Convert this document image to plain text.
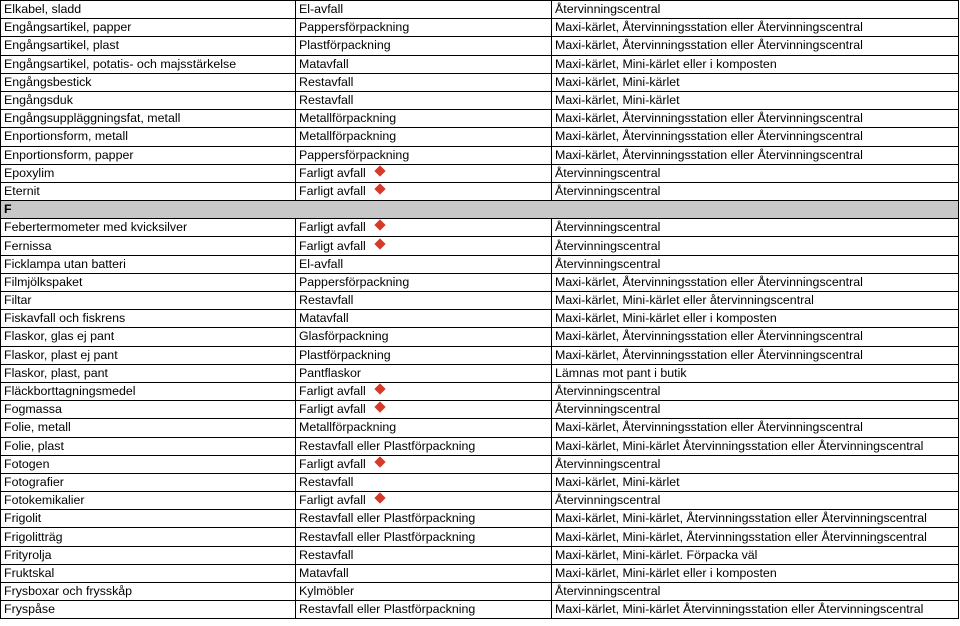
Elkabel, sladd	El-avfall	Återvinningscentral
Engångsartikel, papper	Pappersförpackning	Maxi-kärlet, Återvinningsstation eller Återvinningscentral
Engångsartikel, plast	Plastförpackning	Maxi-kärlet, Återvinningsstation eller Återvinningscentral
Engångsartikel, potatis- och majsstärkelse	Matavfall	Maxi-kärlet, Mini-kärlet eller i komposten
Engångsbestick	Restavfall	Maxi-kärlet, Mini-kärlet
Engångsduk	Restavfall	Maxi-kärlet, Mini-kärlet
Engångsuppläggningsfat, metall	Metallförpackning	Maxi-kärlet, Återvinningsstation eller Återvinningscentral
Enportionsform, metall	Metallförpackning	Maxi-kärlet, Återvinningsstation eller Återvinningscentral
Enportionsform, papper	Pappersförpackning	Maxi-kärlet, Återvinningsstation eller Återvinningscentral
Epoxylim	Farligt avfall	Återvinningscentral
Eternit	Farligt avfall	Återvinningscentral
F		
Febertermometer med kvicksilver	Farligt avfall	Återvinningscentral
Fernissa	Farligt avfall	Återvinningscentral
Ficklampa utan batteri	El-avfall	Återvinningscentral
Filmjölkspaket	Pappersförpackning	Maxi-kärlet, Återvinningsstation eller Återvinningscentral
Filtar	Restavfall	Maxi-kärlet, Mini-kärlet eller återvinningscentral
Fiskavfall och fiskrens	Matavfall	Maxi-kärlet, Mini-kärlet eller i komposten
Flaskor, glas ej pant	Glasförpackning	Maxi-kärlet, Återvinningsstation eller Återvinningscentral
Flaskor, plast ej pant	Plastförpackning	Maxi-kärlet, Återvinningsstation eller Återvinningscentral
Flaskor, plast, pant	Pantflaskor	Lämnas mot pant i butik
Fläckborttagningsmedel	Farligt avfall	Återvinningscentral
Fogmassa	Farligt avfall	Återvinningscentral
Folie, metall	Metallförpackning	Maxi-kärlet, Återvinningsstation eller Återvinningscentral
Folie, plast	Restavfall eller Plastförpackning	Maxi-kärlet, Mini-kärlet Återvinningsstation eller Återvinningscentral
Fotogen	Farligt avfall	Återvinningscentral
Fotografier	Restavfall	Maxi-kärlet, Mini-kärlet
Fotokemikalier	Farligt avfall	Återvinningscentral
Frigolit	Restavfall eller Plastförpackning	Maxi-kärlet, Mini-kärlet, Återvinningsstation eller Återvinningscentral
Frigolitträg	Restavfall eller Plastförpackning	Maxi-kärlet, Mini-kärlet, Återvinningsstation eller Återvinningscentral
Frityrolja	Restavfall	Maxi-kärlet, Mini-kärlet. Förpacka väl
Fruktskal	Matavfall	Maxi-kärlet, Mini-kärlet eller i komposten
Frysboxar och frysskåp	Kylmöbler	Återvinningscentral
Fryspåse	Restavfall eller Plastförpackning	Maxi-kärlet, Mini-kärlet Återvinningsstation eller Återvinningscentral
